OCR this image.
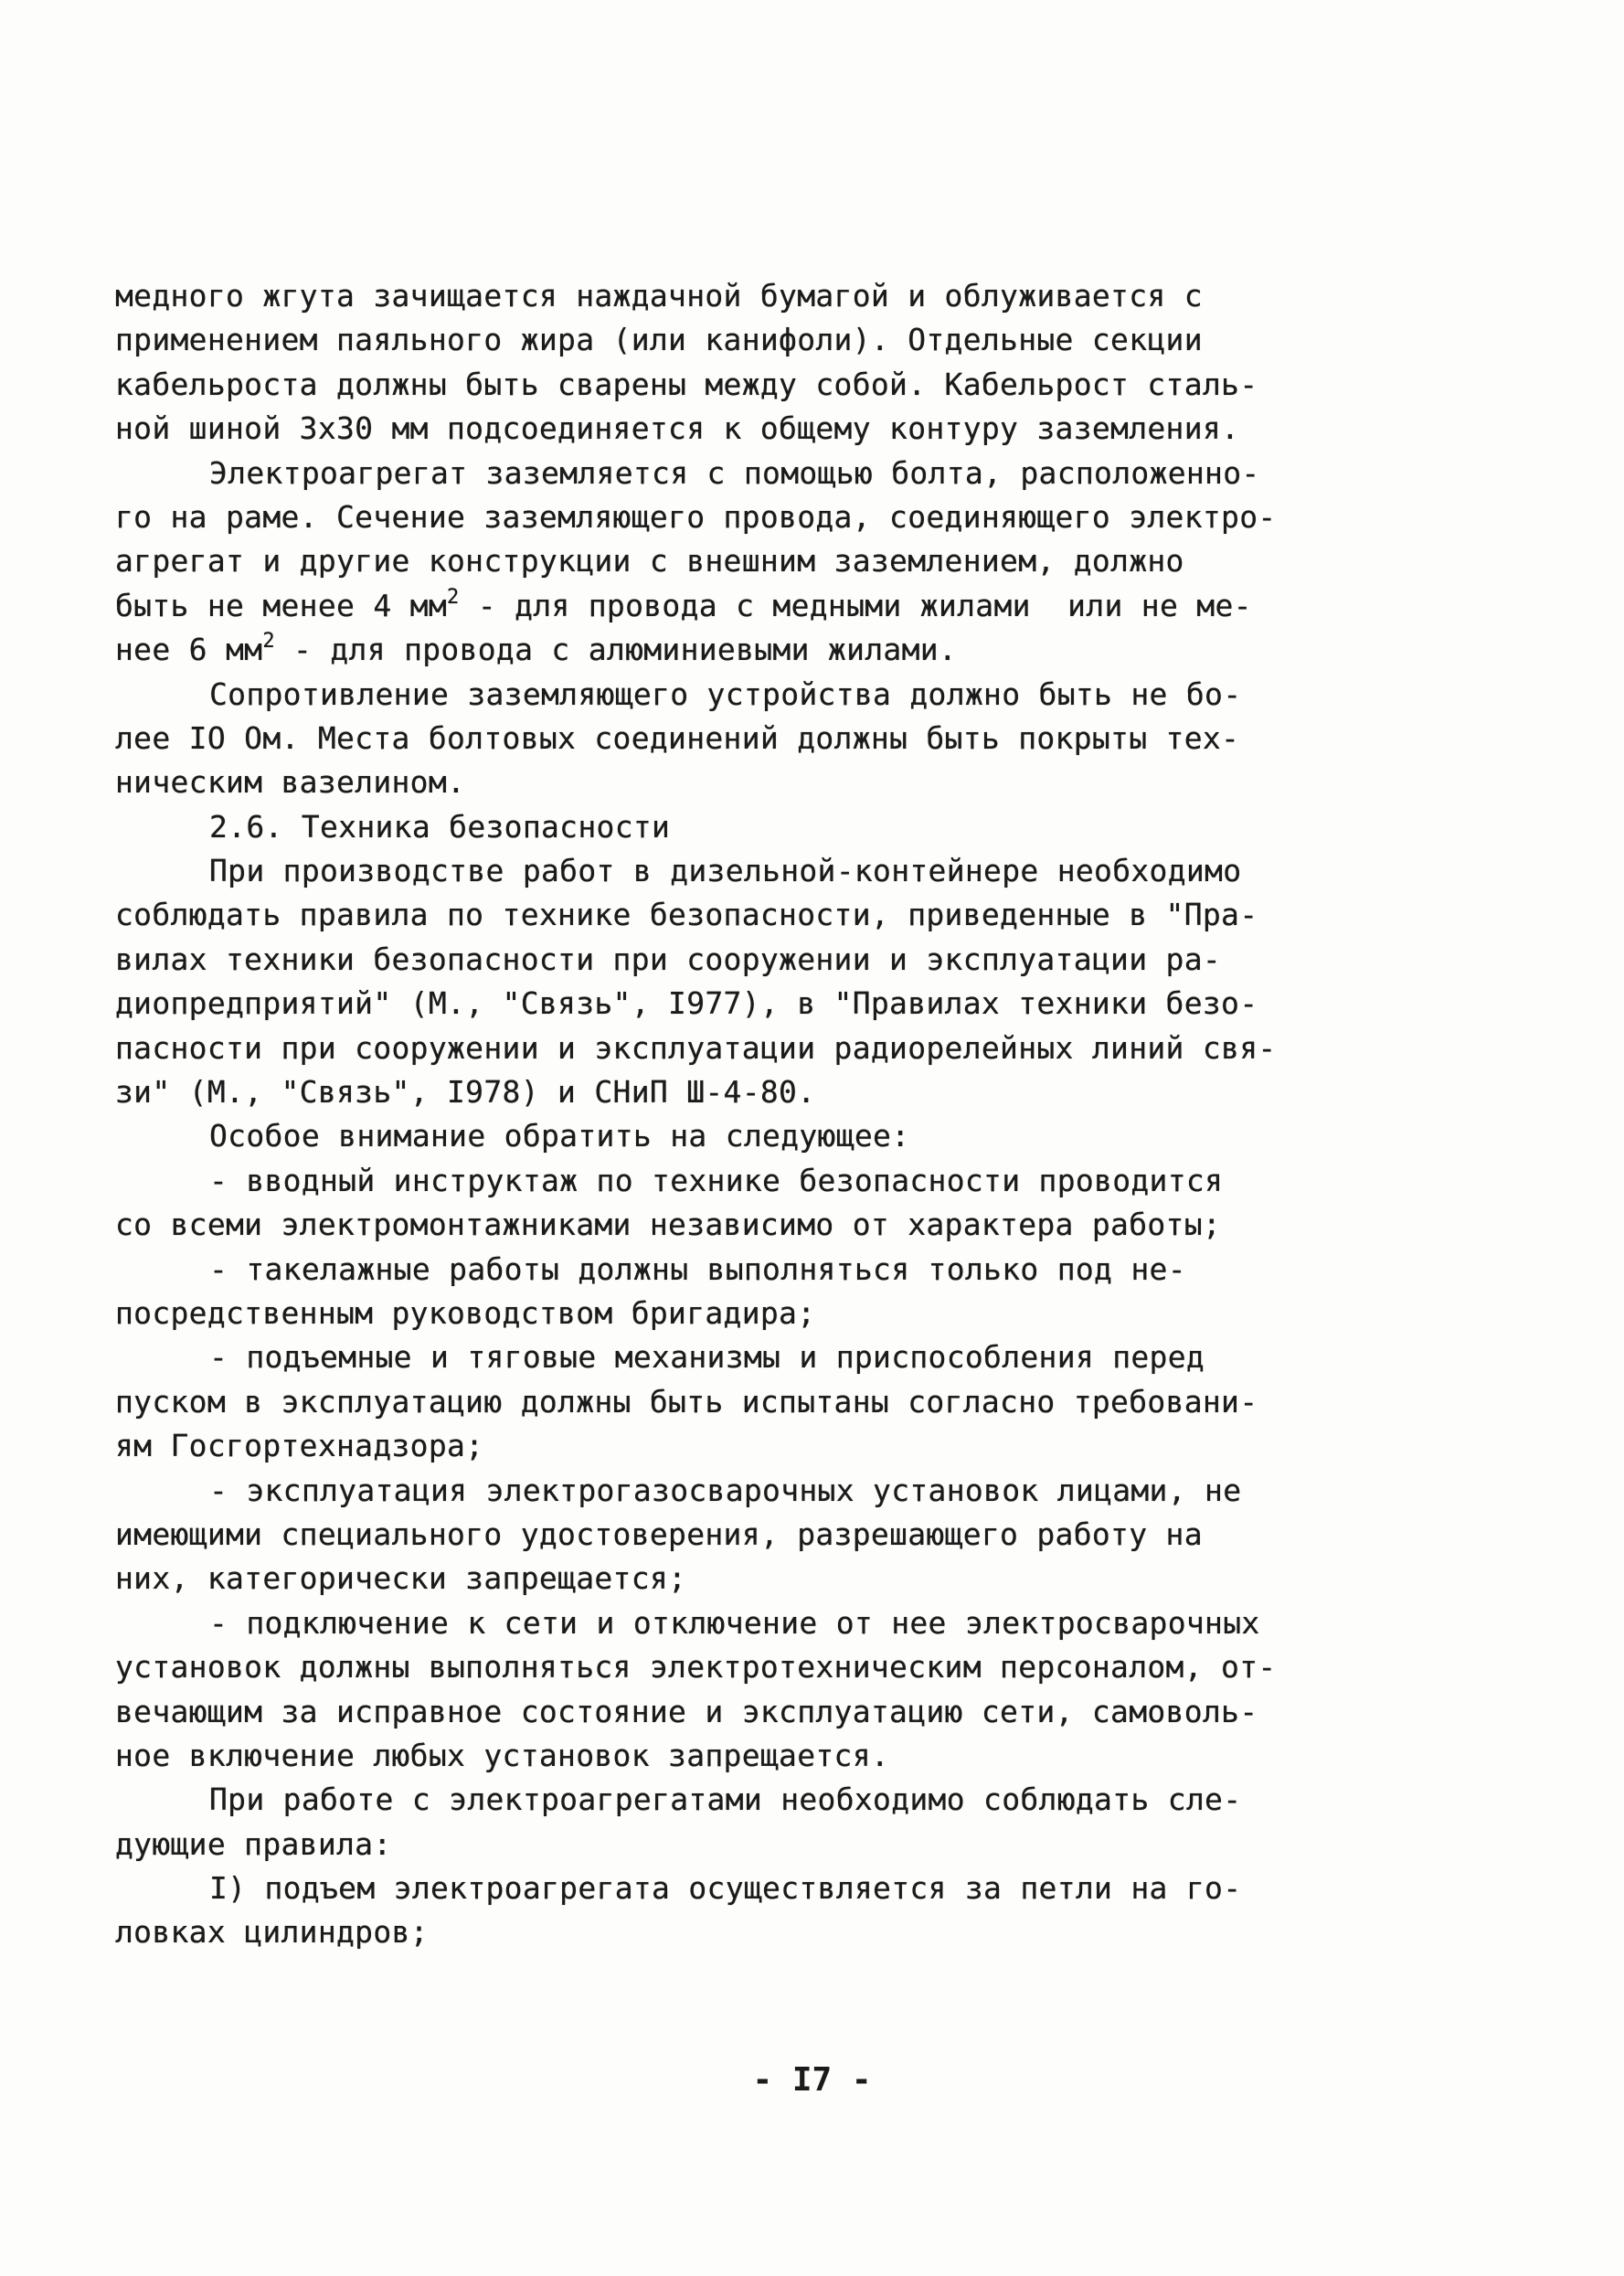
медного жгута зачищается наждачной бумагой и облуживается с
применением паяльного жира (или канифоли). Отдельные секции
кабельроста должны быть сварены между собой. Кабельрост сталь-
ной шиной 3x30 мм подсоединяется к общему контуру заземления.
Электроагрегат заземляется с помощью болта, расположенно-
го на раме. Сечение заземляющего провода, соединяющего электро-
агрегат и другие конструкции с внешним заземлением, должно
быть не менее 4 $мм^2$ - для провода с медными жилами  или не ме-
нее 6 $мм^2$ - для провода с алюминиевыми жилами.
Сопротивление заземляющего устройства должно быть не бо-
лее IO Ом. Места болтовых соединений должны быть покрыты тех-
ническим вазелином.
2.6. Техника безопасности
При производстве работ в дизельной-контейнере необходимо
соблюдать правила по технике безопасности, приведенные в "Пра-
вилах техники безопасности при сооружении и эксплуатации ра-
диопредприятий" (М., "Связь", I977), в "Правилах техники безо-
пасности при сооружении и эксплуатации радиорелейных линий свя-
зи" (М., "Связь", I978) и СНиП Ш-4-80.
Особое внимание обратить на следующее:
- вводный инструктаж по технике безопасности проводится
со всеми электромонтажниками независимо от характера работы;
- такелажные работы должны выполняться только под не-
посредственным руководством бригадира;
- подъемные и тяговые механизмы и приспособления перед
пуском в эксплуатацию должны быть испытаны согласно требовани-
ям Госгортехнадзора;
- эксплуатация электрогазосварочных установок лицами, не
имеющими специального удостоверения, разрешающего работу на
них, категорически запрещается;
- подключение к сети и отключение от нее электросварочных
установок должны выполняться электротехническим персоналом, от-
вечающим за исправное состояние и эксплуатацию сети, самоволь-
ное включение любых установок запрещается.
При работе с электроагрегатами необходимо соблюдать сле-
дующие правила:
I) подъем электроагрегата осуществляется за петли на го-
ловках цилиндров;
- I7 -
